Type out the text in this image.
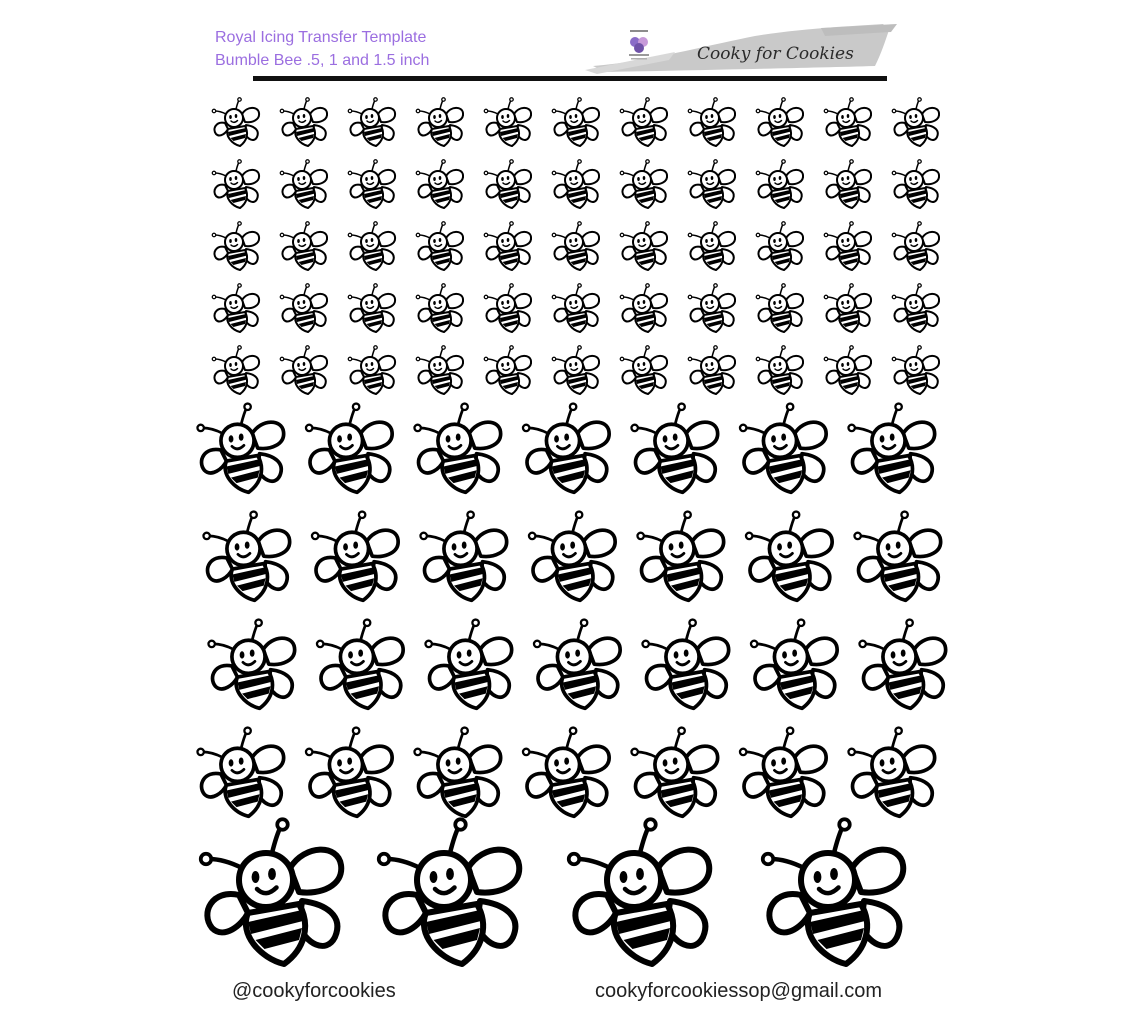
Royal Icing Transfer Template
Bumble Bee .5, 1 and 1.5 inch	Cooky for Cookies
@cookyforcookies	cookyforcookiessop@gmail.com
